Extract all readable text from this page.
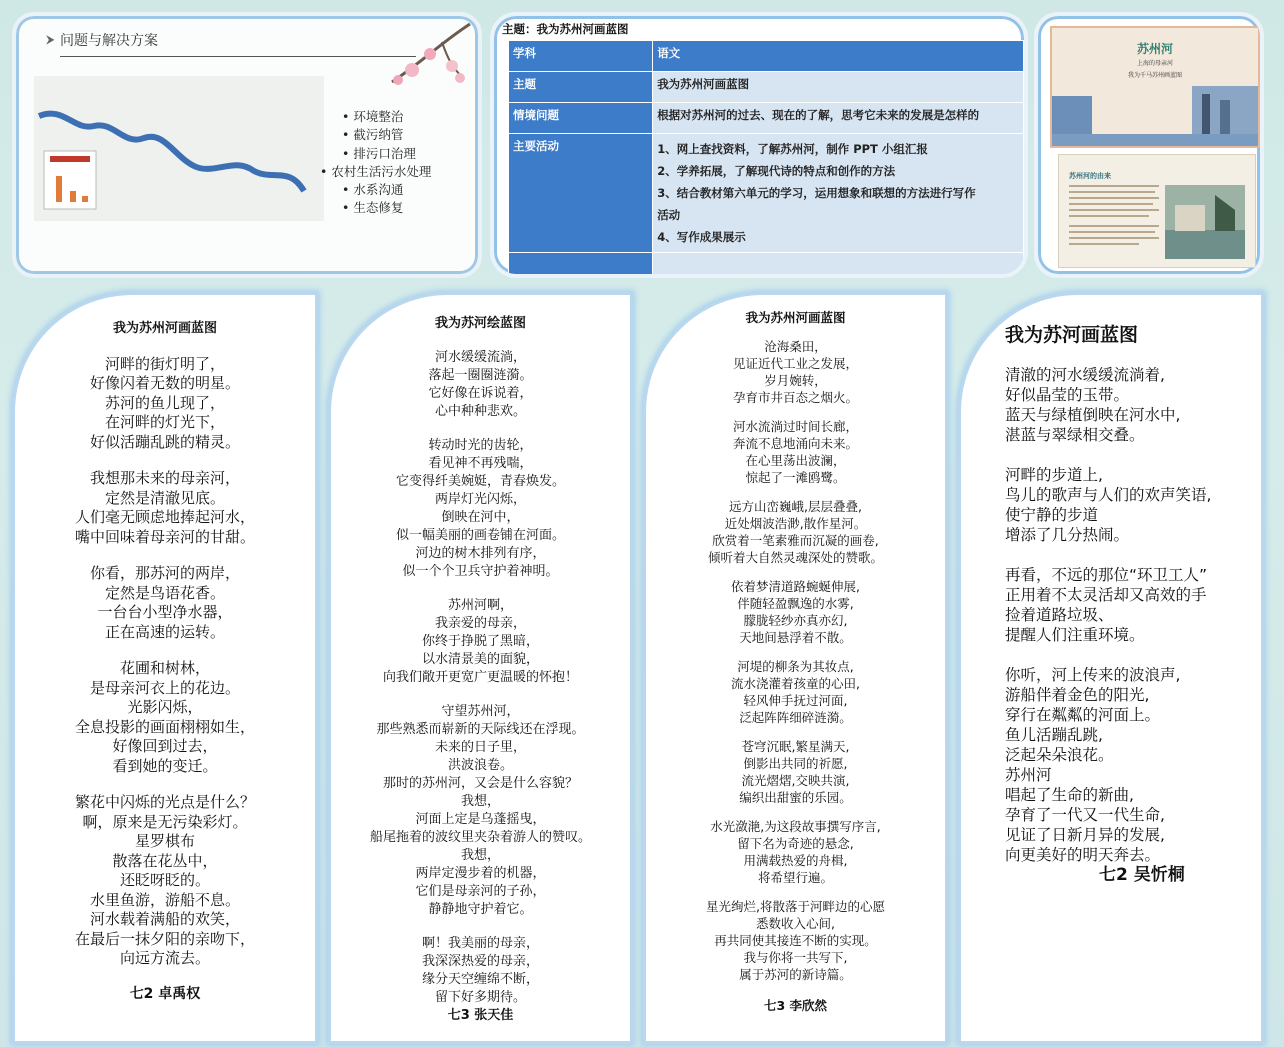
⮞ 问题与解决方案
• 环境整治
• 截污纳管
• 排污口治理
• 农村生活污水处理
• 水系沟通
• 生态修复
主题：我为苏州河画蓝图
学科	语文
主题	我为苏州河画蓝图
情境问题	根据对苏州河的过去、现在的了解，思考它未来的发展是怎样的
主要活动	1、网上查找资料，了解苏州河，制作 PPT 小组汇报
2、学养拓展，了解现代诗的特点和创作的方法
3、结合教材第六单元的学习，运用想象和联想的方法进行写作
活动
4、写作成果展示

苏州河
上海的母亲河
我为千马苏州画蓝图
苏州河的由来
我为苏州河画蓝图
河畔的街灯明了，
好像闪着无数的明星。
苏河的鱼儿现了，
在河畔的灯光下，
好似活蹦乱跳的精灵。
我想那未来的母亲河，
定然是清澈见底。
人们毫无顾虑地捧起河水，
嘴中回味着母亲河的甘甜。
你看，那苏河的两岸，
定然是鸟语花香。
一台台小型净水器，
正在高速的运转。
花圃和树林，
是母亲河衣上的花边。
光影闪烁，
全息投影的画面栩栩如生，
好像回到过去，
看到她的变迁。
繁花中闪烁的光点是什么？
啊，原来是无污染彩灯。
星罗棋布
散落在花丛中，
还眨呀眨的。
水里鱼游，游船不息。
河水载着满船的欢笑，
在最后一抹夕阳的亲吻下，
向远方流去。
七2 卓禹权
我为苏河绘蓝图
河水缓缓流淌，
落起一圈圈涟漪。
它好像在诉说着，
心中种种悲欢。
转动时光的齿轮，
看见神不再残喘，
它变得纤美婉娗，青春焕发。
两岸灯光闪烁，
倒映在河中，
似一幅美丽的画卷铺在河面。
河边的树木排列有序，
似一个个卫兵守护着神明。
苏州河啊，
我亲爱的母亲，
你终于挣脱了黑暗，
以水清景美的面貌，
向我们敞开更宽广更温暖的怀抱！
守望苏州河，
那些熟悉而崭新的天际线还在浮现。
未来的日子里，
洪波浪卷。
那时的苏州河，又会是什么容貌？
我想，
河面上定是乌蓬摇曳，
船尾拖着的波纹里夹杂着游人的赞叹。
我想，
两岸定漫步着的机器，
它们是母亲河的子孙，
静静地守护着它。
啊！我美丽的母亲，
我深深热爱的母亲，
缘分天空缠绵不断，
留下好多期待。
七3 张天佳
我为苏州河画蓝图
沧海桑田，
见证近代工业之发展，
岁月婉转，
孕育市井百态之烟火。
河水流淌过时间长廊，
奔流不息地涌向未来。
在心里荡出波澜，
惊起了一滩鸥鹭。
远方山峦巍峨,层层叠叠,
近处烟波浩渺,散作星河。
欣赏着一笔素雅而沉凝的画卷,
倾听着大自然灵魂深处的赞歌。
依着梦清道路蜿蜒伸展,
伴随轻盈飘逸的水雾,
朦胧轻纱亦真亦幻,
天地间悬浮着不散。
河堤的柳条为其妆点,
流水浇灌着孩童的心田,
轻风伸手抚过河面,
泛起阵阵细碎涟漪。
苍穹沉眠,繁星满天,
倒影出共同的祈愿,
流光熠熠,交映共演,
编织出甜蜜的乐园。
水光潋滟,为这段故事撰写序言,
留下名为奇迹的悬念,
用满载热爱的舟楫,
将希望行遍。
星光绚烂,将散落于河畔边的心愿
悉数收入心间,
再共同使其接连不断的实现。
我与你将一共写下,
属于苏河的新诗篇。
七3 李欣然
我为苏河画蓝图
清澈的河水缓缓流淌着,
好似晶莹的玉带。
蓝天与绿植倒映在河水中,
湛蓝与翠绿相交叠。
河畔的步道上,
鸟儿的歌声与人们的欢声笑语,
使宁静的步道
增添了几分热闹。
再看，不远的那位“环卫工人”
正用着不太灵活却又高效的手
捡着道路垃圾、
提醒人们注重环境。
你听，河上传来的波浪声,
游船伴着金色的阳光,
穿行在粼粼的河面上。
鱼儿活蹦乱跳,
泛起朵朵浪花。
苏州河
唱起了生命的新曲,
孕育了一代又一代生命,
见证了日新月异的发展,
向更美好的明天奔去。
七2 吴忻桐
